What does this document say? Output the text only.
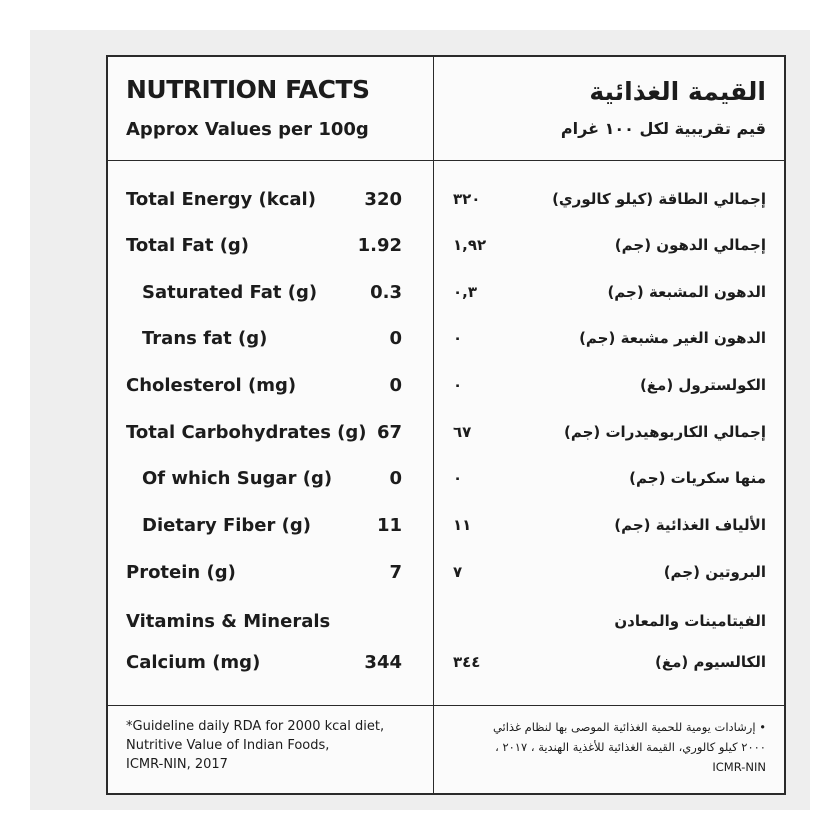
NUTRITION FACTS
Approx Values per 100g
القيمة الغذائية
قيم تقريبية لكل ١٠٠ غرام
Total Energy (kcal)	320	٣٢٠	إجمالي الطاقة (كيلو كالوري)
Total Fat (g)	1.92	١,٩٢	إجمالي الدهون (جم)
Saturated Fat (g)	0.3	٠,٣	الدهون المشبعة (جم)
Trans fat (g)	0	٠	الدهون الغير مشبعة (جم)
Cholesterol (mg)	0	٠	الكولسترول (مغ)
Total Carbohydrates (g) 67	٦٧	إجمالي الكاربوهيدرات (جم)
Of which Sugar (g)	0	٠	منها سكريات (جم)
Dietary Fiber (g)	11	١١	الألياف الغذائية (جم)
Protein (g)	7	٧	البروتين (جم)
Vitamins & Minerals	الفيتامينات والمعادن
Calcium (mg)	344	٣٤٤	الكالسيوم (مغ)
*Guideline daily RDA for 2000 kcal diet,
Nutritive Value of Indian Foods,
ICMR-NIN, 2017
• إرشادات يومية للحمية الغذائية الموصى بها لنظام غذائي ٢٠٠٠ كيلو كالوري، القيمة الغذائية للأغذية الهندية ، ٢٠١٧ ، ICMR-NIN
